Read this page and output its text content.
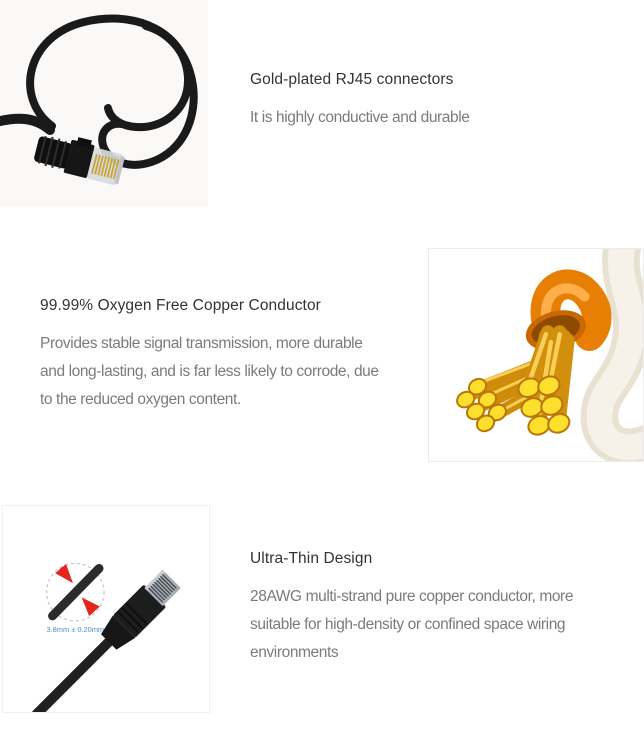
Gold-plated RJ45 connectors
It is highly conductive and durable
99.99% Oxygen Free Copper Conductor
Provides stable signal transmission, more durable
and long-lasting, and is far less likely to corrode, due
to the reduced oxygen content.
3.8mm ± 0.20mm
Ultra-Thin Design
28AWG multi-strand pure copper conductor, more
suitable for high-density or confined space wiring
environments
